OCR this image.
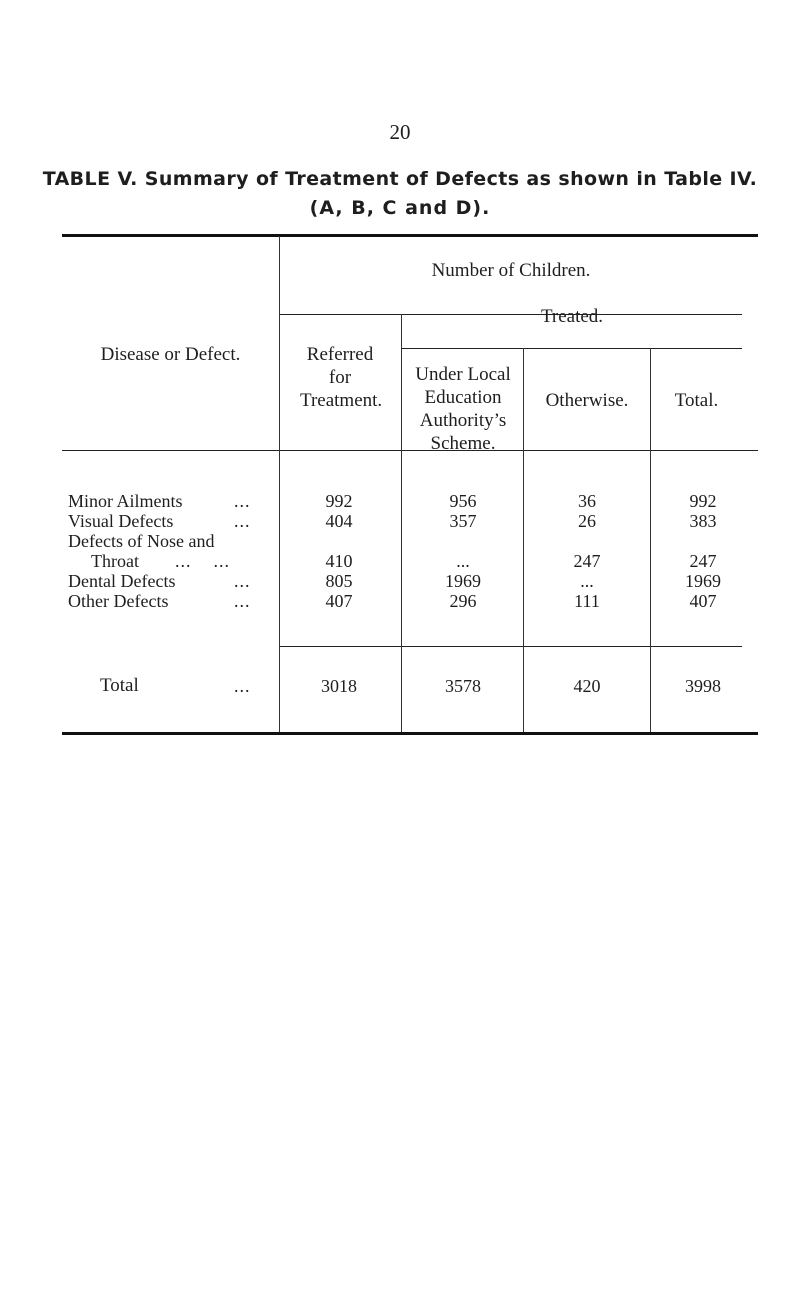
20
TABLE V. Summary of Treatment of Defects as shown in Table IV.
(A, B, C and D).
Disease or Defect.
Number of Children.
Referred for Treatment.
Treated.
Under Local Education Authority’s Scheme.
Otherwise.	Total.
Minor Ailments	...	992	956	36	992
Visual Defects	...	404	357	26	383
Defects of Nose and
Throat ...    ...	410	...	247	247
Dental Defects	...	805	1969	...	1969
Other Defects	...	407	296	111	407
Total	...	3018	3578	420	3998
